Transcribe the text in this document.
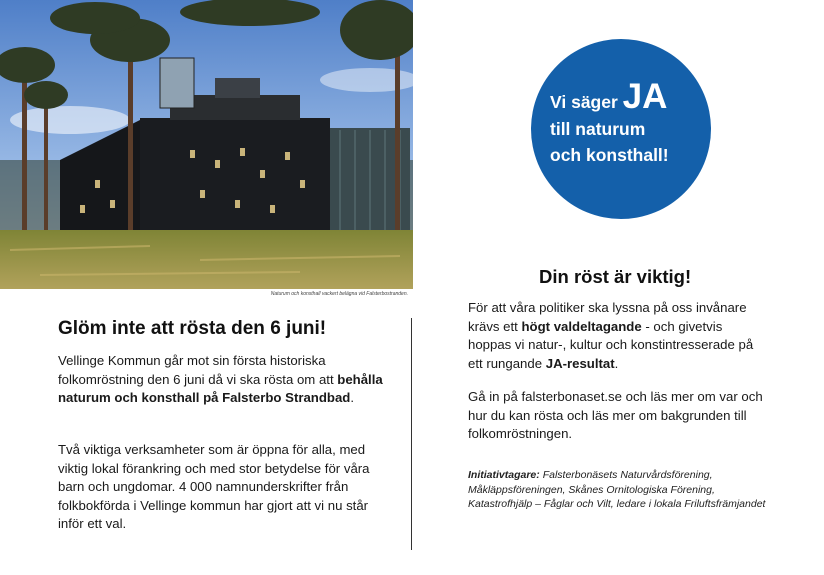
Naturum och konsthall vackert belägna vid Falsterbostranden.
Glöm inte att rösta den 6 juni!
Vellinge Kommun går mot sin första historiska folkomröstning den 6 juni då vi ska rösta om att behålla naturum och konsthall på Falsterbo Strandbad.
Två viktiga verksamheter som är öppna för alla, med viktig lokal förankring och med stor betydelse för våra barn och ungdomar. 4 000 namnunderskrifter från folkbokförda i Vellinge kommun har gjort att vi nu står inför ett val.
Vi säger JA
till naturum
och konsthall!
Din röst är viktig!
För att våra politiker ska lyssna på oss invånare krävs ett högt valdeltagande - och givetvis hoppas vi natur-, kultur och konstintresserade på ett rungande JA-resultat.
Gå in på falsterbonaset.se och läs mer om var och hur du kan rösta och läs mer om bakgrunden till folkomröstningen.
Initiativtagare: Falsterbonäsets Naturvårdsförening, Måkläppsföreningen, Skånes Ornitologiska Förening, Katastrofhjälp – Fåglar och Vilt, ledare i lokala Friluftsfrämjandet
